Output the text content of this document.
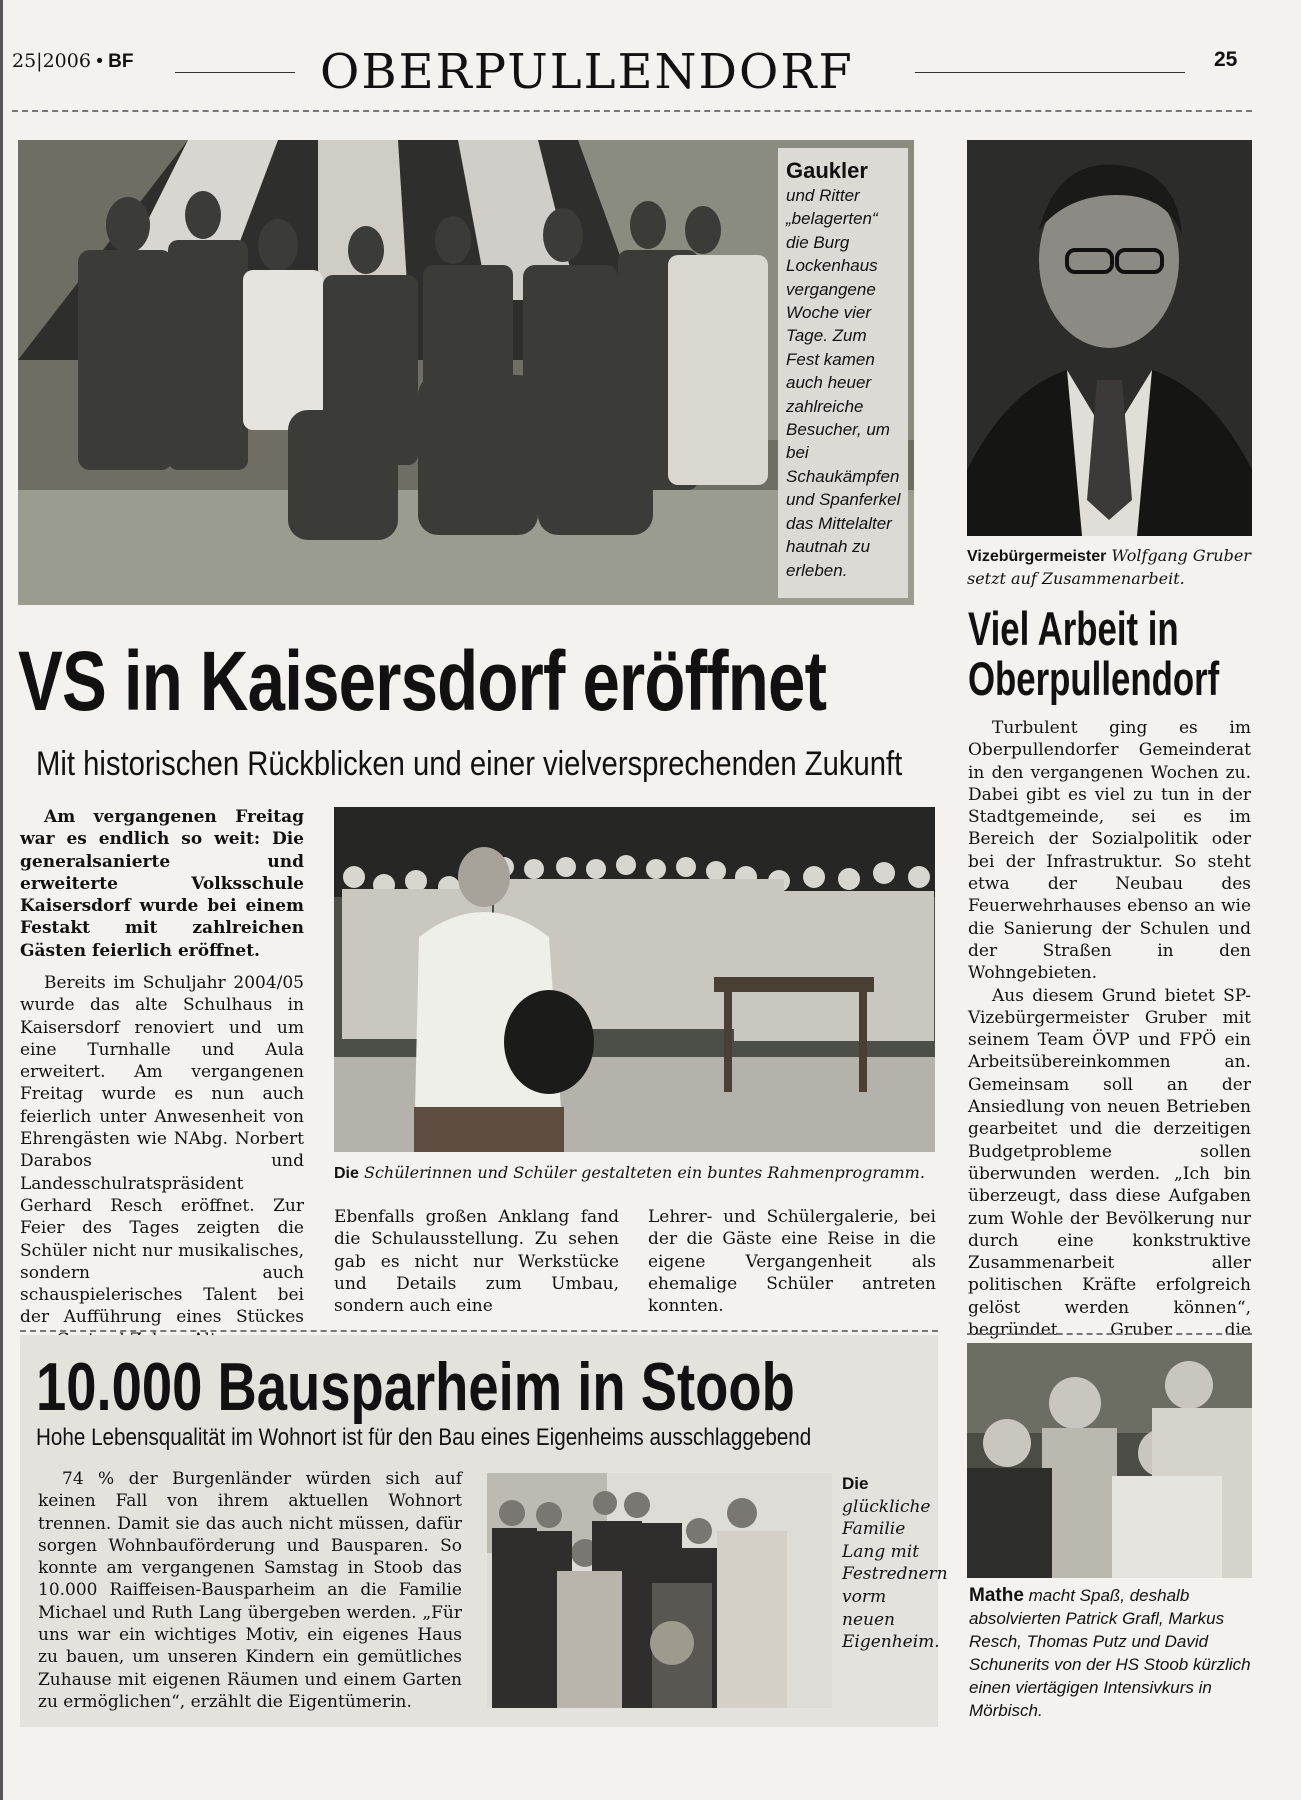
25|2006 • BF	OBERPULLENDORF	25
Gaukler
und Ritter „belagerten“ die Burg Lockenhaus vergangene Woche vier Tage. Zum Fest kamen auch heuer zahlreiche Besucher, um bei Schaukämpfen und Spanferkel das Mittelalter hautnah zu erleben.
Vizebürgermeister Wolfgang Gruber setzt auf Zusammenarbeit.
VS in Kaisersdorf eröffnet
Mit historischen Rückblicken und einer vielversprechenden Zukunft

Am vergangenen Freitag war es endlich so weit: Die generalsanierte und erweiterte Volksschule Kaisersdorf wurde bei einem Festakt mit zahlreichen Gästen feierlich eröffnet.

Bereits im Schuljahr 2004/05 wurde das alte Schulhaus in Kaisersdorf renoviert und um eine Turnhalle und Aula erweitert. Am vergangenen Freitag wurde es nun auch feierlich unter Anwesenheit von Ehrengästen wie NAbg. Norbert Darabos und Landesschulratspräsident Gerhard Resch eröffnet. Zur Feier des Tages zeigten die Schüler nicht nur musikalisches, sondern auch schauspielerisches Talent bei der Aufführung eines Stückes

Die Schülerinnen und Schüler gestalteten ein buntes Rahmenprogramm.

Ebenfalls großen Anklang fand die Schulausstellung. Zu sehen gab es nicht nur Werkstücke und Details zum Umbau, sondern auch eine

Lehrer- und Schülergalerie, bei der die Gäste eine Reise in die eigene Vergangenheit als ehemalige Schüler antreten konnten.

Viel Arbeit in
Oberpullendorf

Turbulent ging es im Oberpullendorfer Gemeinderat in den vergangenen Wochen zu. Dabei gibt es viel zu tun in der Stadtgemeinde, sei es im Bereich der Sozialpolitik oder bei der Infrastruktur. So steht etwa der Neubau des Feuerwehrhauses ebenso an wie die Sanierung der Schulen und der Straßen in den Wohngebieten.

Aus diesem Grund bietet SP-Vizebürgermeister Gruber mit seinem Team ÖVP und FPÖ ein Arbeitsübereinkommen an. Gemeinsam soll an der Ansiedlung von neuen Betrieben gearbeitet und die derzeitigen Budgetprobleme sollen überwunden werden. „Ich bin überzeugt, dass diese Aufgaben zum Wohle der Bevölkerung nur durch eine konkstruktive Zusammenarbeit aller politischen Kräfte erfolgreich gelöst werden können“, begründet Gruber die

10.000 Bausparheim in Stoob
Hohe Lebensqualität im Wohnort ist für den Bau eines Eigenheims ausschlaggebend

74 % der Burgenländer würden sich auf keinen Fall von ihrem aktuellen Wohnort trennen. Damit sie das auch nicht müssen, dafür sorgen Wohnbauförderung und Bausparen. So konnte am vergangenen Samstag in Stoob das 10.000 Raiffeisen-Bausparheim an die Familie Michael und Ruth Lang übergeben werden. „Für uns war ein wichtiges Motiv, ein eigenes Haus zu bauen, um unseren Kindern ein gemütliches Zuhause mit eigenen Räumen und einem Garten zu ermöglichen“, erzählt die Eigentümerin.

Die
glückliche Familie Lang mit Festrednern vorm neuen Eigenheim.
Mathe macht Spaß, deshalb absolvierten Patrick Grafl, Markus Resch, Thomas Putz und David Schunerits von der HS Stoob kürzlich einen viertägigen Intensivkurs in Mörbisch.
